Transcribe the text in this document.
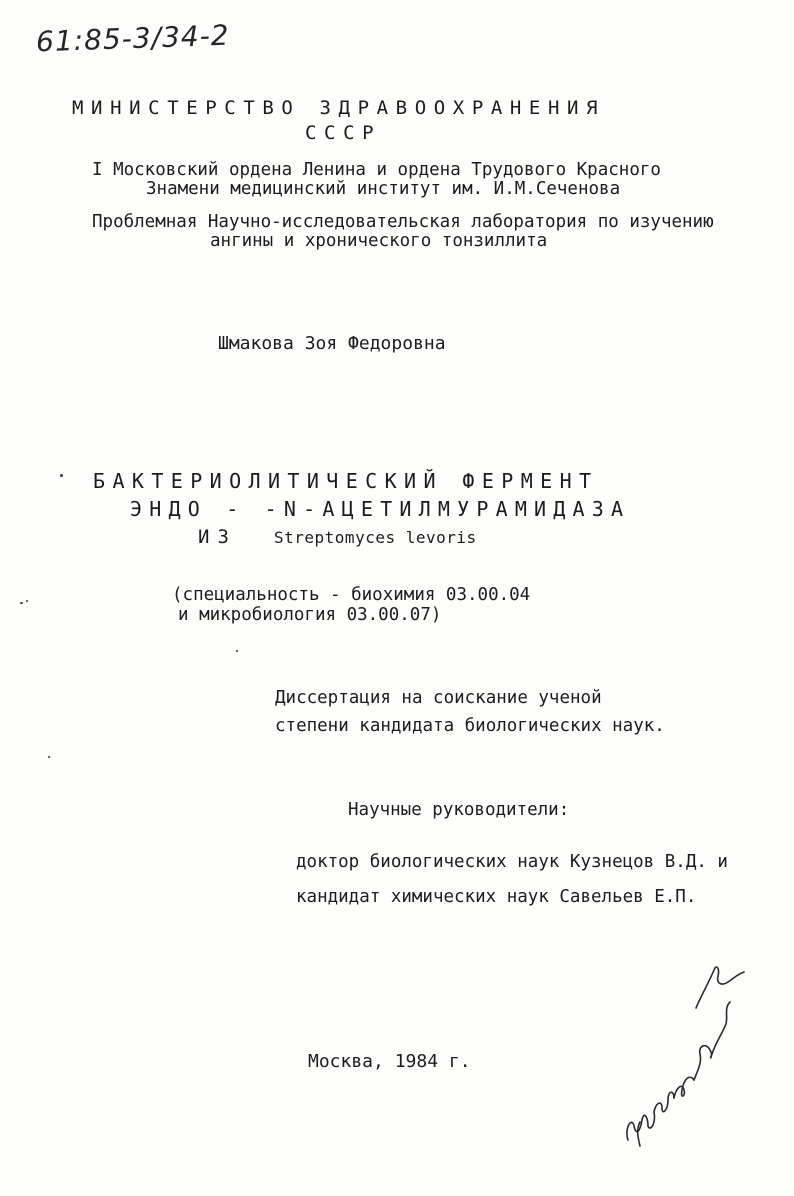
61:85-3/34-2
МИНИСТЕРСТВО ЗДРАВООХРАНЕНИЯ
СССР
I Московский ордена Ленина и ордена Трудового Красного
Знамени медицинский институт им. И.М.Сеченова
Проблемная Научно-исследовательская лаборатория по изучению
ангины и хронического тонзиллита
Шмакова Зоя Федоровна
БАКТЕРИОЛИТИЧЕСКИЙ ФЕРМЕНТ
ЭНДО - -N-АЦЕТИЛМУРАМИДАЗА
ИЗ Streptomyces levoris
(специальность - биохимия 03.00.04
и микробиология 03.00.07)
Диссертация на соискание ученой
степени кандидата биологических наук.
Научные руководители:
доктор биологических наук Кузнецов В.Д. и
кандидат химических наук Савельев Е.П.
Москва, 1984 г.
